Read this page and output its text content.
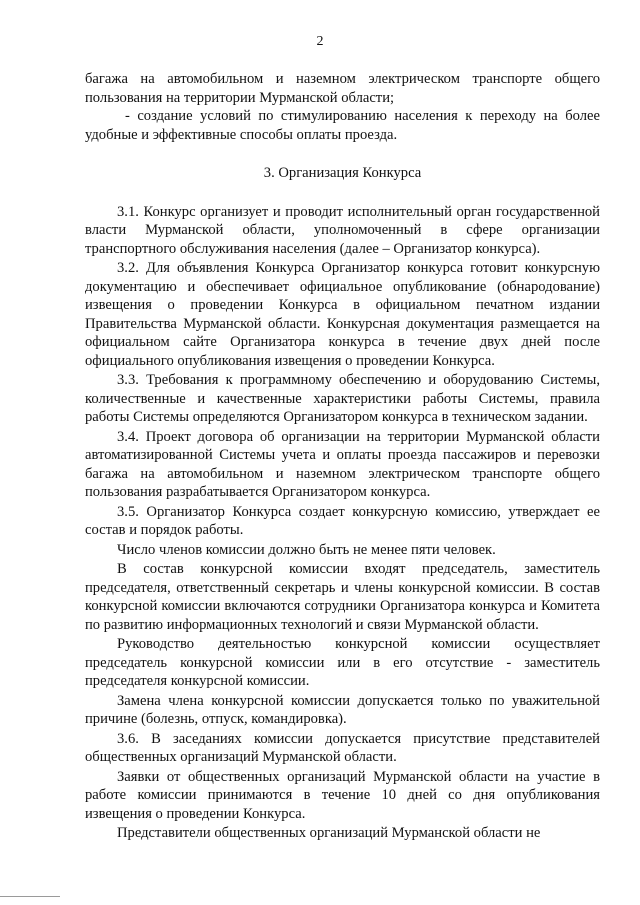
2

багажа на автомобильном и наземном электрическом транспорте общего пользования на территории Мурманской области;

- создание условий по стимулированию населения к переходу на более удобные и эффективные способы оплаты проезда.

3. Организация Конкурса

3.1. Конкурс организует и проводит исполнительный орган государственной власти Мурманской области, уполномоченный в сфере организации транспортного обслуживания населения (далее – Организатор конкурса).

3.2. Для объявления Конкурса Организатор конкурса готовит конкурсную документацию и обеспечивает официальное опубликование (обнародование) извещения о проведении Конкурса в официальном печатном издании Правительства Мурманской области. Конкурсная документация размещается на официальном сайте Организатора конкурса в течение двух дней после официального опубликования извещения о проведении Конкурса.

3.3. Требования к программному обеспечению и оборудованию Системы, количественные и качественные характеристики работы Системы, правила работы Системы определяются Организатором конкурса в техническом задании.

3.4. Проект договора об организации на территории Мурманской области автоматизированной Системы учета и оплаты проезда пассажиров и перевозки багажа на автомобильном и наземном электрическом транспорте общего пользования разрабатывается Организатором конкурса.

3.5. Организатор Конкурса создает конкурсную комиссию, утверждает ее состав и порядок работы.

Число членов комиссии должно быть не менее пяти человек.

В состав конкурсной комиссии входят председатель, заместитель председателя, ответственный секретарь и члены конкурсной комиссии. В состав конкурсной комиссии включаются сотрудники Организатора конкурса и Комитета по развитию информационных технологий и связи Мурманской области.

Руководство деятельностью конкурсной комиссии осуществляет председатель конкурсной комиссии или в его отсутствие - заместитель председателя конкурсной комиссии.

Замена члена конкурсной комиссии допускается только по уважительной причине (болезнь, отпуск, командировка).

3.6. В заседаниях комиссии допускается присутствие представителей общественных организаций Мурманской области.

Заявки от общественных организаций Мурманской области на участие в работе комиссии принимаются в течение 10 дней со дня опубликования извещения о проведении Конкурса.

Представители общественных организаций Мурманской области не
